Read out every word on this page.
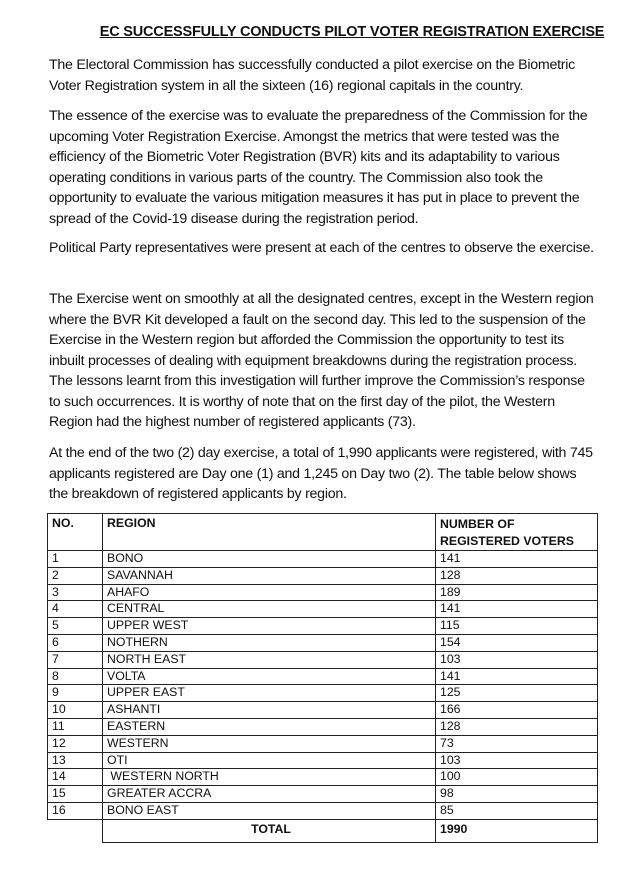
EC SUCCESSFULLY CONDUCTS PILOT VOTER REGISTRATION EXERCISE

The Electoral Commission has successfully conducted a pilot exercise on the Biometric Voter Registration system in all the sixteen (16) regional capitals in the country.

The essence of the exercise was to evaluate the preparedness of the Commission for the upcoming Voter Registration Exercise. Amongst the metrics that were tested was the efficiency of the Biometric Voter Registration (BVR) kits and its adaptability to various operating conditions in various parts of the country. The Commission also took the opportunity to evaluate the various mitigation measures it has put in place to prevent the spread of the Covid-19 disease during the registration period.

Political Party representatives were present at each of the centres to observe the exercise.

The Exercise went on smoothly at all the designated centres, except in the Western region where the BVR Kit developed a fault on the second day. This led to the suspension of the Exercise in the Western region but afforded the Commission the opportunity to test its inbuilt processes of dealing with equipment breakdowns during the registration process. The lessons learnt from this investigation will further improve the Commission’s response to such occurrences. It is worthy of note that on the first day of the pilot, the Western Region had the highest number of registered applicants (73).

At the end of the two (2) day exercise, a total of 1,990 applicants were registered, with 745 applicants registered are Day one (1) and 1,245 on Day two (2). The table below shows the breakdown of registered applicants by region.

NO.	REGION	NUMBER OF REGISTERED VOTERS
1	BONO	141
2	SAVANNAH	128
3	AHAFO	189
4	CENTRAL	141
5	UPPER WEST	115
6	NOTHERN	154
7	NORTH EAST	103
8	VOLTA	141
9	UPPER EAST	125
10	ASHANTI	166
11	EASTERN	128
12	WESTERN	73
13	OTI	103
14	WESTERN NORTH	100
15	GREATER ACCRA	98
16	BONO EAST	85
	TOTAL	1990
